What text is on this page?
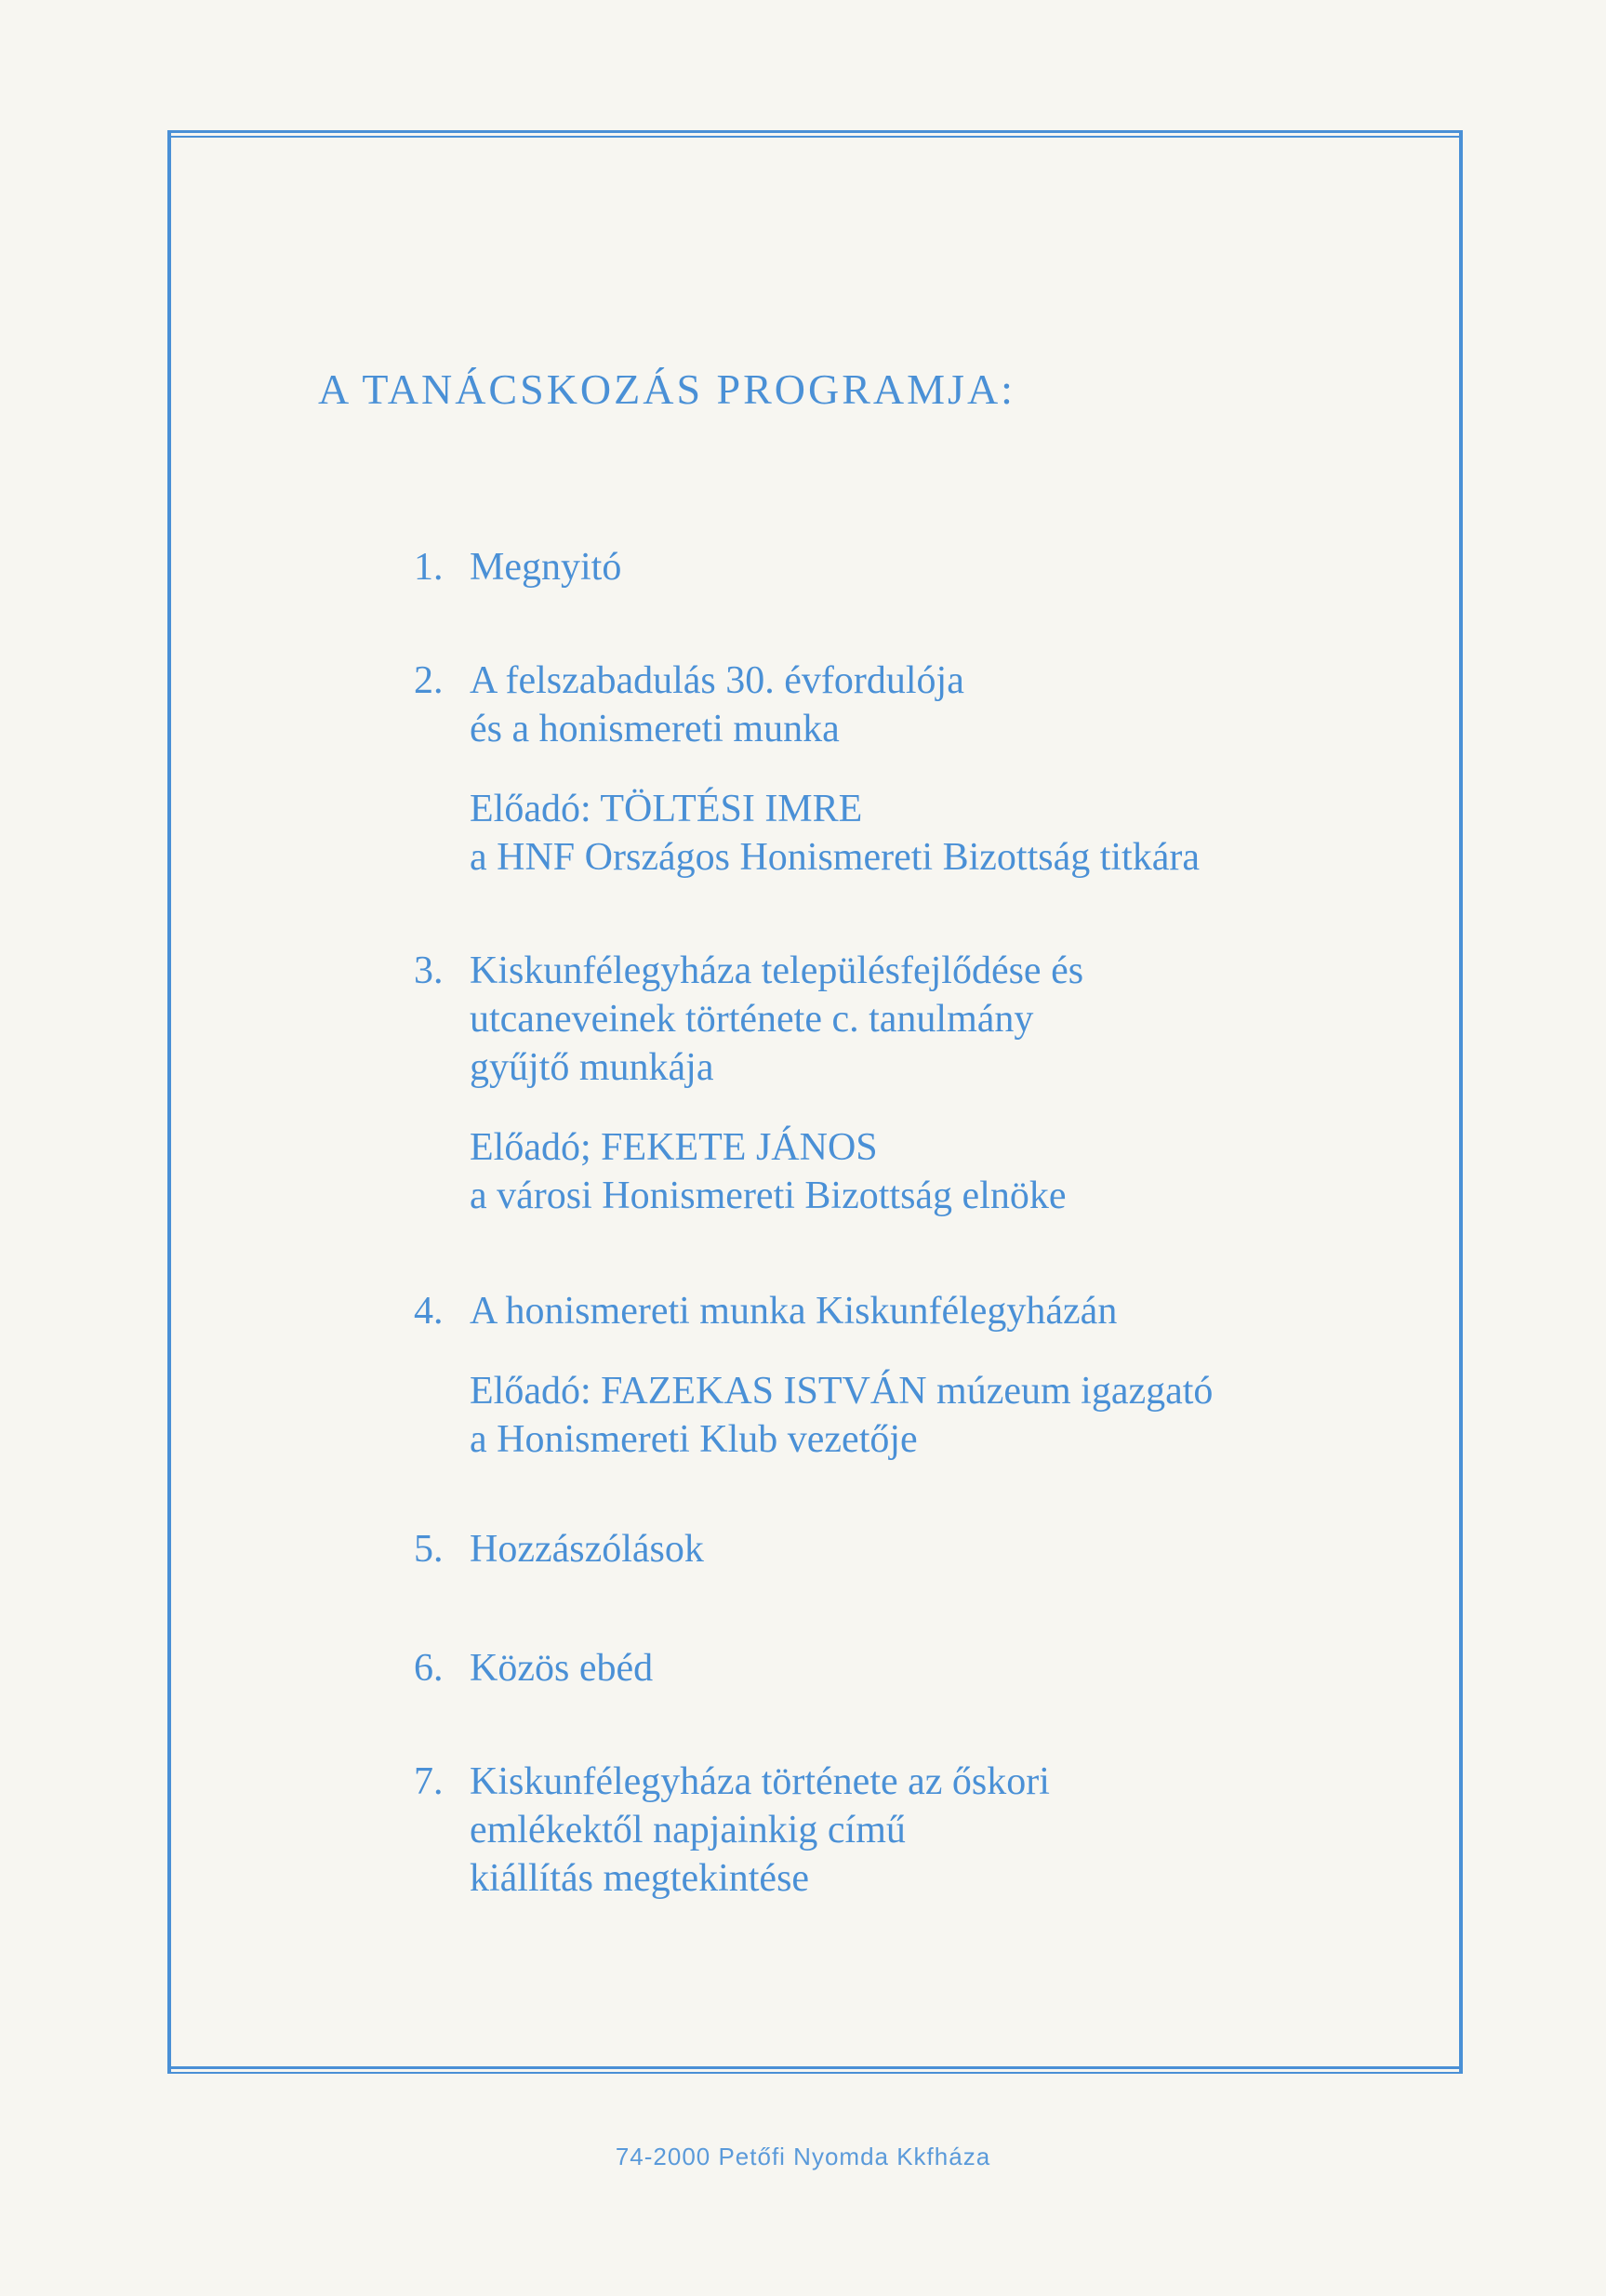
A TANÁCSKOZÁS PROGRAMJA:
1. Megnyitó
2. A felszabadulás 30. évfordulója
és a honismereti munka
Előadó: TÖLTÉSI IMRE
a HNF Országos Honismereti Bizottság titkára
3. Kiskunfélegyháza településfejlődése és
utcaneveinek története c. tanulmány
gyűjtő munkája
Előadó; FEKETE JÁNOS
a városi Honismereti Bizottság elnöke
4. A honismereti munka Kiskunfélegyházán
Előadó: FAZEKAS ISTVÁN múzeum igazgató
a Honismereti Klub vezetője
5. Hozzászólások
6. Közös ebéd
7. Kiskunfélegyháza története az őskori
emlékektől napjainkig című
kiállítás megtekintése
74-2000 Petőfi Nyomda Kkfháza
